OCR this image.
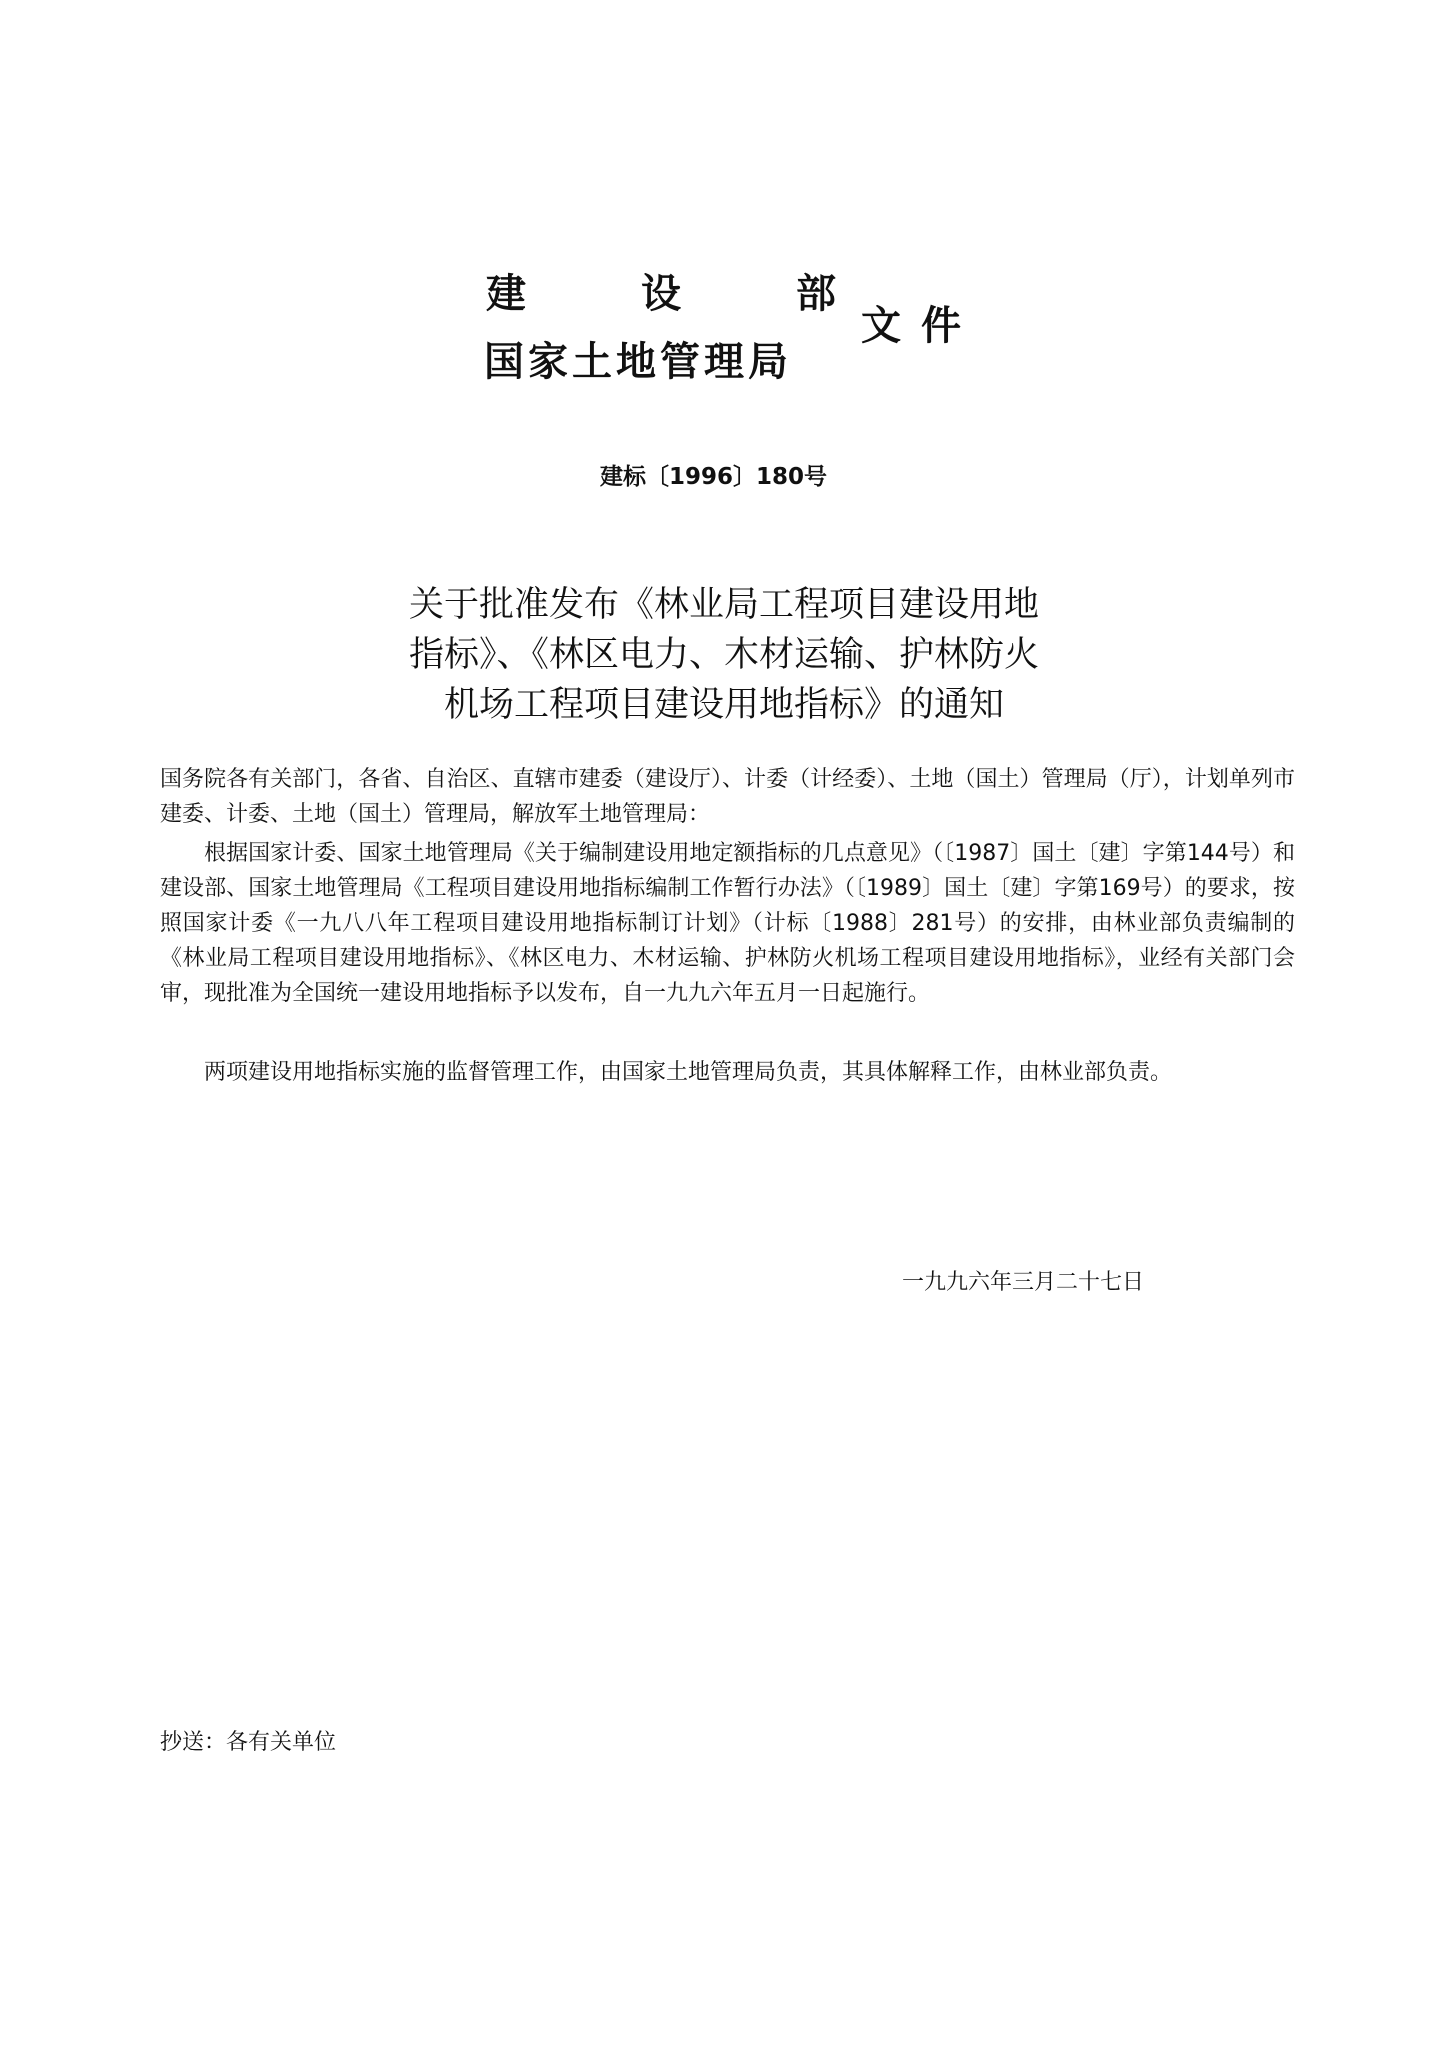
建	设	部
国家土地管理局
文件
建标〔1996〕180号
关于批准发布《林业局工程项目建设用地
指标》、《林区电力、木材运输、护林防火
机场工程项目建设用地指标》的通知
国务院各有关部门，各省、自治区、直辖市建委（建设厅）、计委（计经委）、土地（国土）管理局（厅），计划单列市建委、计委、土地（国土）管理局，解放军土地管理局：
根据国家计委、国家土地管理局《关于编制建设用地定额指标的几点意见》（〔1987〕国土〔建〕字第144号）和建设部、国家土地管理局《工程项目建设用地指标编制工作暂行办法》（〔1989〕国土〔建〕字第169号）的要求，按照国家计委《一九八八年工程项目建设用地指标制订计划》（计标〔1988〕281号）的安排，由林业部负责编制的《林业局工程项目建设用地指标》、《林区电力、木材运输、护林防火机场工程项目建设用地指标》，业经有关部门会审，现批准为全国统一建设用地指标予以发布，自一九九六年五月一日起施行。
两项建设用地指标实施的监督管理工作，由国家土地管理局负责，其具体解释工作，由林业部负责。
一九九六年三月二十七日
抄送：各有关单位
